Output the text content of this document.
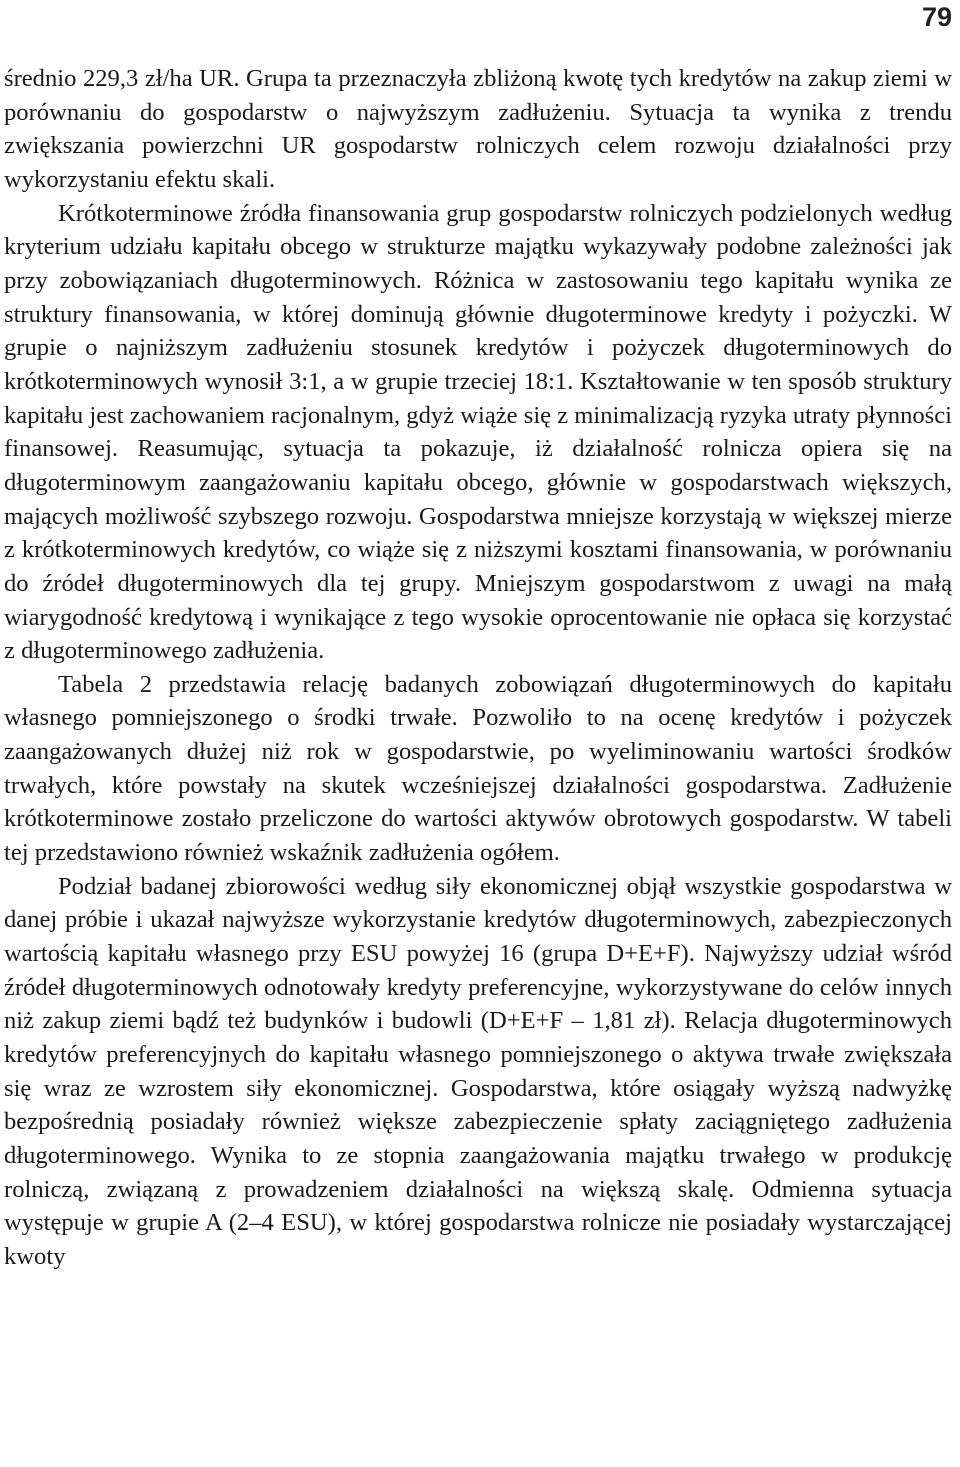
79

średnio 229,3 zł/ha UR. Grupa ta przeznaczyła zbliżoną kwotę tych kredytów na zakup ziemi w porównaniu do gospodarstw o najwyższym zadłużeniu. Sytuacja ta wynika z trendu zwiększania powierzchni UR gospodarstw rolniczych celem rozwoju działalności przy wykorzystaniu efektu skali.

Krótkoterminowe źródła finansowania grup gospodarstw rolniczych podzielonych według kryterium udziału kapitału obcego w strukturze majątku wykazywały podobne zależności jak przy zobowiązaniach długoterminowych. Różnica w zastosowaniu tego kapitału wynika ze struktury finansowania, w której dominują głównie długoterminowe kredyty i pożyczki. W grupie o najniższym zadłużeniu stosunek kredytów i pożyczek długoterminowych do krótkoterminowych wynosił 3:1, a w grupie trzeciej 18:1. Kształtowanie w ten sposób struktury kapitału jest zachowaniem racjonalnym, gdyż wiąże się z minimalizacją ryzyka utraty płynności finansowej. Reasumując, sytuacja ta pokazuje, iż działalność rolnicza opiera się na długoterminowym zaangażowaniu kapitału obcego, głównie w gospodarstwach większych, mających możliwość szybszego rozwoju. Gospodarstwa mniejsze korzystają w większej mierze z krótkoterminowych kredytów, co wiąże się z niższymi kosztami finansowania, w porównaniu do źródeł długoterminowych dla tej grupy. Mniejszym gospodarstwom z uwagi na małą wiarygodność kredytową i wynikające z tego wysokie oprocentowanie nie opłaca się korzystać z długoterminowego zadłużenia.

Tabela 2 przedstawia relację badanych zobowiązań długoterminowych do kapitału własnego pomniejszonego o środki trwałe. Pozwoliło to na ocenę kredytów i pożyczek zaangażowanych dłużej niż rok w gospodarstwie, po wyeliminowaniu wartości środków trwałych, które powstały na skutek wcześniejszej działalności gospodarstwa. Zadłużenie krótkoterminowe zostało przeliczone do wartości aktywów obrotowych gospodarstw. W tabeli tej przedstawiono również wskaźnik zadłużenia ogółem.

Podział badanej zbiorowości według siły ekonomicznej objął wszystkie gospodarstwa w danej próbie i ukazał najwyższe wykorzystanie kredytów długoterminowych, zabezpieczonych wartością kapitału własnego przy ESU powyżej 16 (grupa D+E+F). Najwyższy udział wśród źródeł długoterminowych odnotowały kredyty preferencyjne, wykorzystywane do celów innych niż zakup ziemi bądź też budynków i budowli (D+E+F – 1,81 zł). Relacja długoterminowych kredytów preferencyjnych do kapitału własnego pomniejszonego o aktywa trwałe zwiększała się wraz ze wzrostem siły ekonomicznej. Gospodarstwa, które osiągały wyższą nadwyżkę bezpośrednią posiadały również większe zabezpieczenie spłaty zaciągniętego zadłużenia długoterminowego. Wynika to ze stopnia zaangażowania majątku trwałego w produkcję rolniczą, związaną z prowadzeniem działalności na większą skalę. Odmienna sytuacja występuje w grupie A (2–4 ESU), w której gospodarstwa rolnicze nie posiadały wystarczającej kwoty
